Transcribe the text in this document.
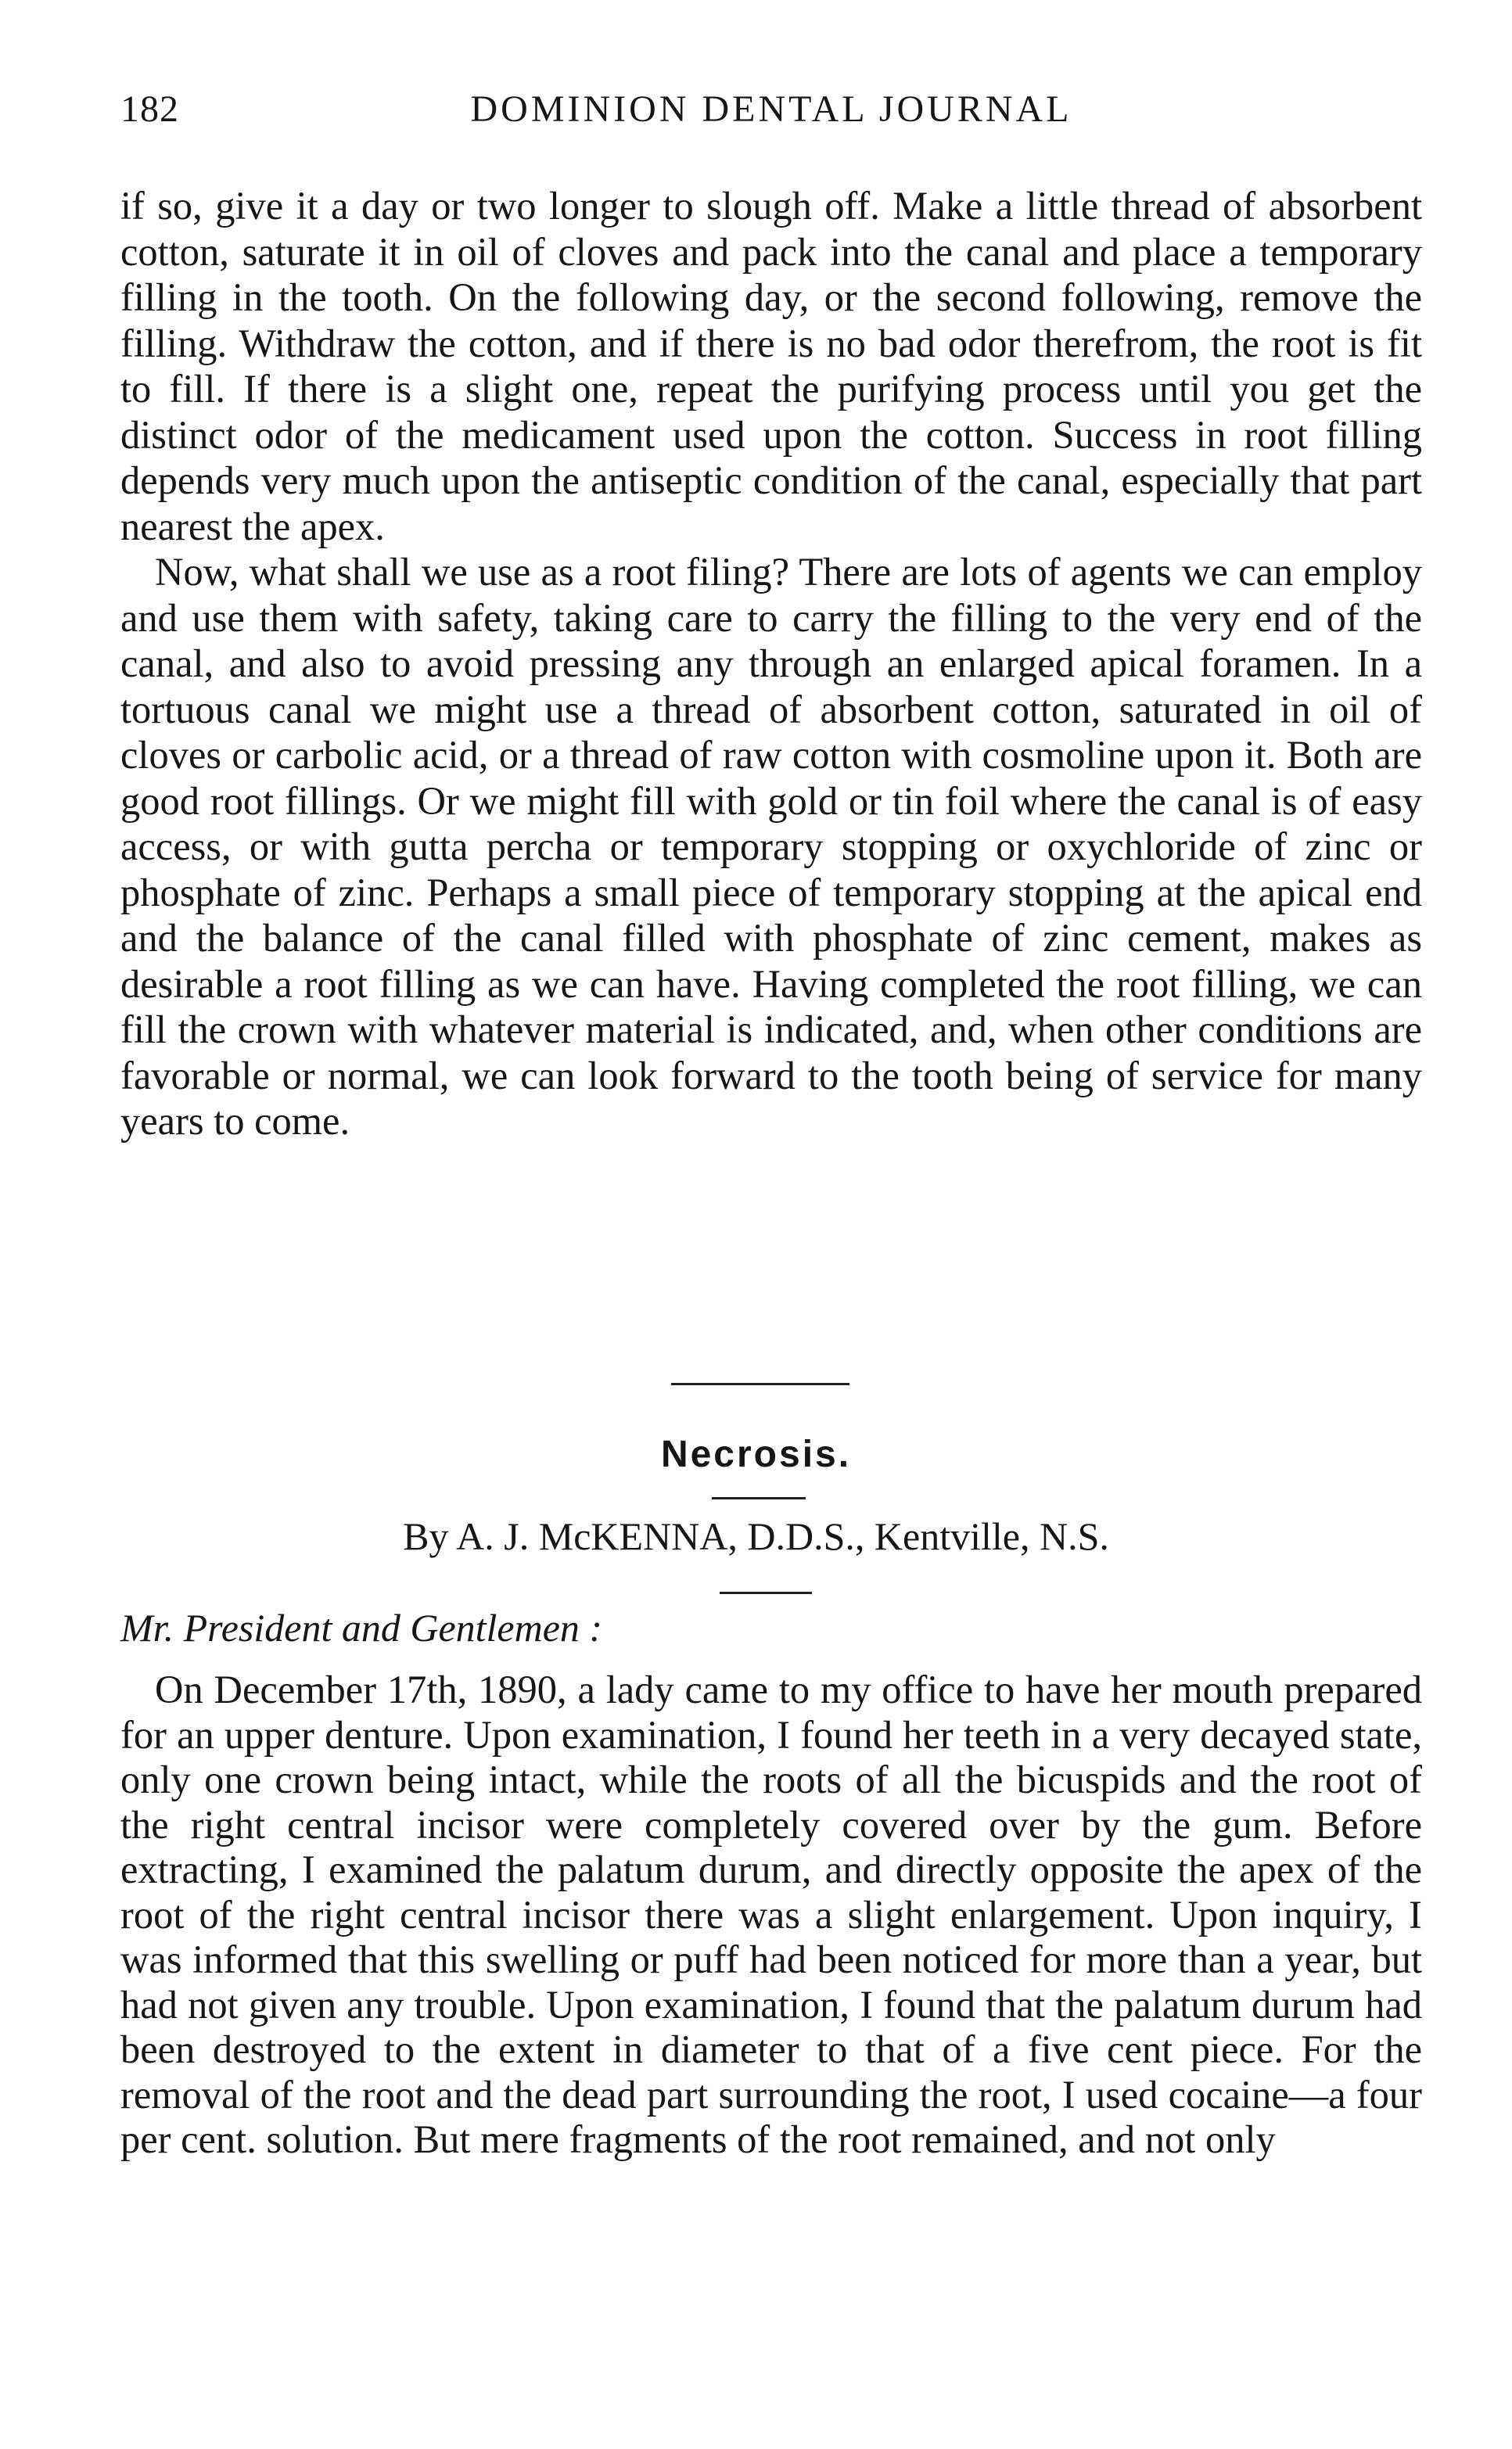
182	DOMINION DENTAL JOURNAL

if so, give it a day or two longer to slough off. Make a little thread of absorbent cotton, saturate it in oil of cloves and pack into the canal and place a temporary filling in the tooth. On the following day, or the second following, remove the filling. Withdraw the cotton, and if there is no bad odor therefrom, the root is fit to fill. If there is a slight one, repeat the purifying process until you get the distinct odor of the medicament used upon the cotton. Success in root filling depends very much upon the antiseptic condition of the canal, especially that part nearest the apex.

Now, what shall we use as a root filing? There are lots of agents we can employ and use them with safety, taking care to carry the filling to the very end of the canal, and also to avoid pressing any through an enlarged apical foramen. In a tortuous canal we might use a thread of absorbent cotton, saturated in oil of cloves or carbolic acid, or a thread of raw cotton with cosmoline upon it. Both are good root fillings. Or we might fill with gold or tin foil where the canal is of easy access, or with gutta percha or temporary stopping or oxychloride of zinc or phosphate of zinc. Perhaps a small piece of temporary stopping at the apical end and the balance of the canal filled with phosphate of zinc cement, makes as desirable a root filling as we can have. Having completed the root filling, we can fill the crown with whatever material is indicated, and, when other conditions are favorable or normal, we can look forward to the tooth being of service for many years to come.

Necrosis.
By A. J. McKENNA, D.D.S., Kentville, N.S.
Mr. President and Gentlemen :

On December 17th, 1890, a lady came to my office to have her mouth prepared for an upper denture. Upon examination, I found her teeth in a very decayed state, only one crown being intact, while the roots of all the bicuspids and the root of the right central incisor were completely covered over by the gum. Before extracting, I examined the palatum durum, and directly opposite the apex of the root of the right central incisor there was a slight enlargement. Upon inquiry, I was informed that this swelling or puff had been noticed for more than a year, but had not given any trouble. Upon examination, I found that the palatum durum had been destroyed to the extent in diameter to that of a five cent piece. For the removal of the root and the dead part surrounding the root, I used cocaine—a four per cent. solution. But mere fragments of the root remained, and not only
